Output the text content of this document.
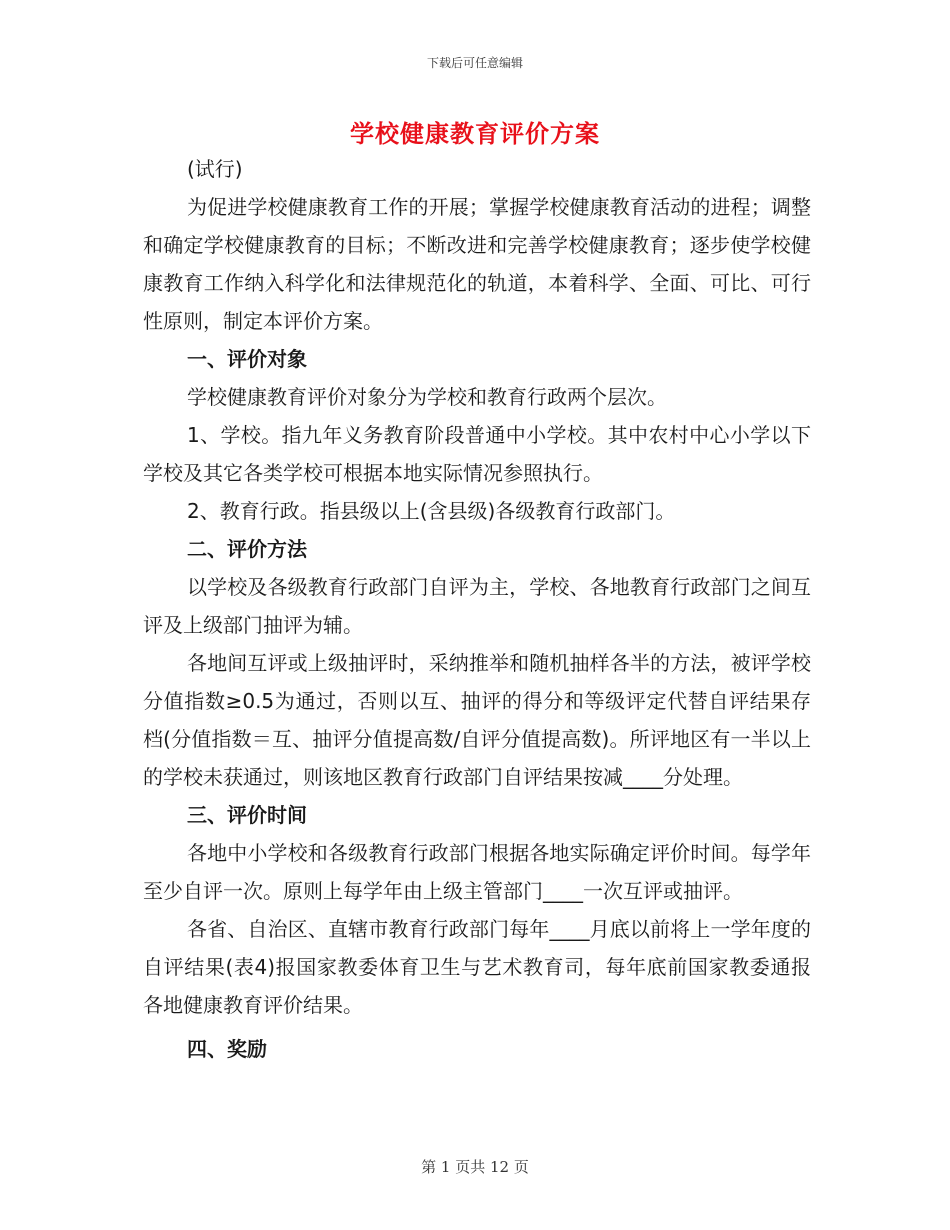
下载后可任意编辑
学校健康教育评价方案

(试行)

为促进学校健康教育工作的开展；掌握学校健康教育活动的进程；调整和确定学校健康教育的目标；不断改进和完善学校健康教育；逐步使学校健康教育工作纳入科学化和法律规范化的轨道，本着科学、全面、可比、可行性原则，制定本评价方案。

一、评价对象

学校健康教育评价对象分为学校和教育行政两个层次。

1、学校。指九年义务教育阶段普通中小学校。其中农村中心小学以下学校及其它各类学校可根据本地实际情况参照执行。

2、教育行政。指县级以上(含县级)各级教育行政部门。

二、评价方法

以学校及各级教育行政部门自评为主，学校、各地教育行政部门之间互评及上级部门抽评为辅。

各地间互评或上级抽评时，采纳推举和随机抽样各半的方法，被评学校分值指数≥0.5为通过，否则以互、抽评的得分和等级评定代替自评结果存档(分值指数＝互、抽评分值提高数/自评分值提高数)。所评地区有一半以上的学校未获通过，则该地区教育行政部门自评结果按减____分处理。

三、评价时间

各地中小学校和各级教育行政部门根据各地实际确定评价时间。每学年至少自评一次。原则上每学年由上级主管部门____一次互评或抽评。

各省、自治区、直辖市教育行政部门每年____月底以前将上一学年度的自评结果(表4)报国家教委体育卫生与艺术教育司，每年底前国家教委通报各地健康教育评价结果。

四、奖励

第 1 页共 12 页
